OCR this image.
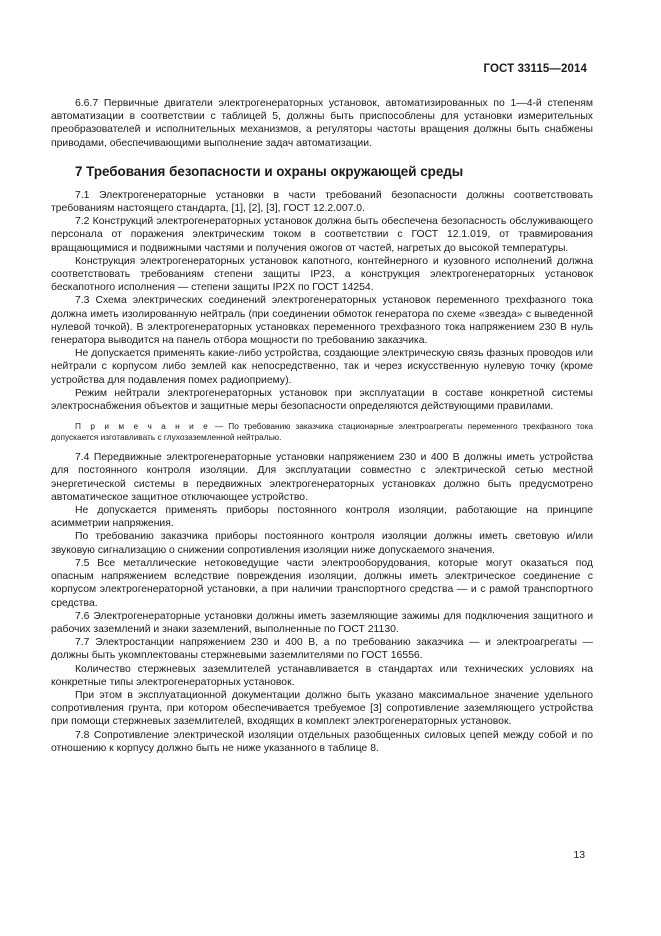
ГОСТ 33115—2014

6.6.7 Первичные двигатели электрогенераторных установок, автоматизированных по 1—4-й степеням автоматизации в соответствии с таблицей 5, должны быть приспособлены для установки измерительных преобразователей и исполнительных механизмов, а регуляторы частоты вращения должны быть снабжены приводами, обеспечивающими выполнение задач автоматизации.

7 Требования безопасности и охраны окружающей среды

7.1 Электрогенераторные установки в части требований безопасности должны соответствовать требованиям настоящего стандарта, [1], [2], [3], ГОСТ 12.2.007.0.

7.2 Конструкций электрогенераторных установок должна быть обеспечена безопасность обслуживающего персонала от поражения электрическим током в соответствии с ГОСТ 12.1.019, от травмирования вращающимися и подвижными частями и получения ожогов от частей, нагретых до высокой температуры.

Конструкция электрогенераторных установок капотного, контейнерного и кузовного исполнений должна соответствовать требованиям степени защиты IP23, а конструкция электрогенераторных установок бескапотного исполнения — степени защиты IP2X по ГОСТ 14254.

7.3 Схема электрических соединений электрогенераторных установок переменного трехфазного тока должна иметь изолированную нейтраль (при соединении обмоток генератора по схеме «звезда» с выведенной нулевой точкой). В электрогенераторных установках переменного трехфазного тока напряжением 230 В нуль генератора выводится на панель отбора мощности по требованию заказчика.

Не допускается применять какие-либо устройства, создающие электрическую связь фазных проводов или нейтрали с корпусом либо землей как непосредственно, так и через искусственную нулевую точку (кроме устройства для подавления помех радиоприему).

Режим нейтрали электрогенераторных установок при эксплуатации в составе конкретной системы электроснабжения объектов и защитные меры безопасности определяются действующими правилами.

П р и м е ч а н и е — По требованию заказчика стационарные электроагрегаты переменного трехфазного тока допускается изготавливать с глухозаземленной нейтралью.

7.4 Передвижные электрогенераторные установки напряжением 230 и 400 В должны иметь устройства для постоянного контроля изоляции. Для эксплуатации совместно с электрической сетью местной энергетической системы в передвижных электрогенераторных установках должно быть предусмотрено автоматическое защитное отключающее устройство.

Не допускается применять приборы постоянного контроля изоляции, работающие на принципе асимметрии напряжения.

По требованию заказчика приборы постоянного контроля изоляции должны иметь световую и/или звуковую сигнализацию о снижении сопротивления изоляции ниже допускаемого значения.

7.5 Все металлические нетоковедущие части электрооборудования, которые могут оказаться под опасным напряжением вследствие повреждения изоляции, должны иметь электрическое соединение с корпусом электрогенераторной установки, а при наличии транспортного средства — и с рамой транспортного средства.

7.6 Электрогенераторные установки должны иметь заземляющие зажимы для подключения защитного и рабочих заземлений и знаки заземлений, выполненные по ГОСТ 21130.

7.7 Электростанции напряжением 230 и 400 В, а по требованию заказчика — и электроагрегаты — должны быть укомплектованы стержневыми заземлителями по ГОСТ 16556.

Количество стержневых заземлителей устанавливается в стандартах или технических условиях на конкретные типы электрогенераторных установок.

При этом в эксплуатационной документации должно быть указано максимальное значение удельного сопротивления грунта, при котором обеспечивается требуемое [3] сопротивление заземляющего устройства при помощи стержневых заземлителей, входящих в комплект электрогенераторных установок.

7.8 Сопротивление электрической изоляции отдельных разобщенных силовых цепей между собой и по отношению к корпусу должно быть не ниже указанного в таблице 8.

13
